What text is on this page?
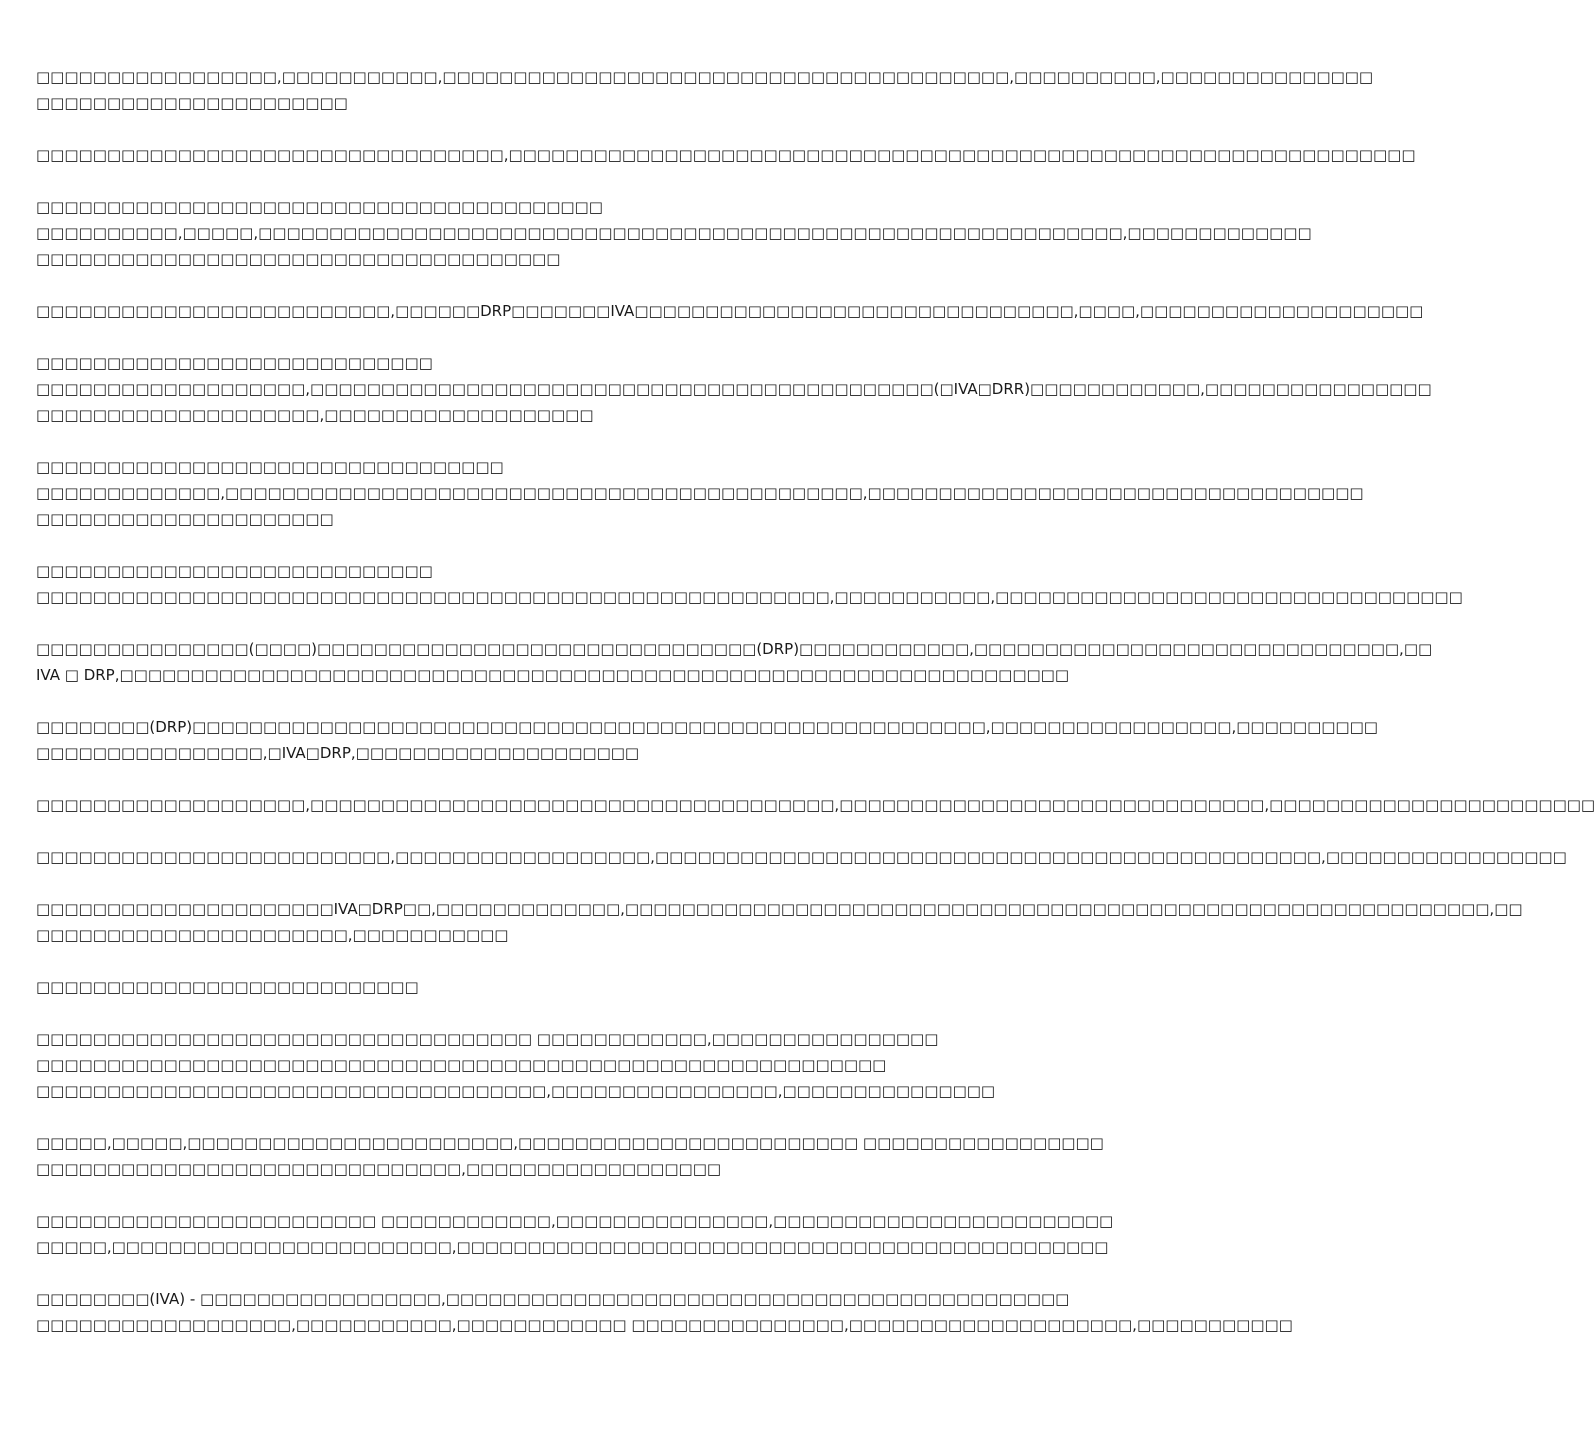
□□□□□□□□□□□□□□□□□,□□□□□□□□□□□,□□□□□□□□□□□□□□□□□□□□□□□□□□□□□□□□□□□□□□□□,□□□□□□□□□□,□□□□□□□□□□□□□□□
□□□□□□□□□□□□□□□□□□□□□□
□□□□□□□□□□□□□□□□□□□□□□□□□□□□□□□□□,□□□□□□□□□□□□□□□□□□□□□□□□□□□□□□□□□□□□□□□□□□□□□□□□□□□□□□□□□□□□□□□□
□□□□□□□□□□□□□□□□□□□□□□□□□□□□□□□□□□□□□□□□
□□□□□□□□□□,□□□□□,□□□□□□□□□□□□□□□□□□□□□□□□□□□□□□□□□□□□□□□□□□□□□□□□□□□□□□□□□□□□□,□□□□□□□□□□□□□
□□□□□□□□□□□□□□□□□□□□□□□□□□□□□□□□□□□□□
□□□□□□□□□□□□□□□□□□□□□□□□□,□□□□□□DRP□□□□□□□IVA□□□□□□□□□□□□□□□□□□□□□□□□□□□□□□□,□□□□,□□□□□□□□□□□□□□□□□□□□
□□□□□□□□□□□□□□□□□□□□□□□□□□□□
□□□□□□□□□□□□□□□□□□□,□□□□□□□□□□□□□□□□□□□□□□□□□□□□□□□□□□□□□□□□□□□□(□IVA□DRR)□□□□□□□□□□□□,□□□□□□□□□□□□□□□□
□□□□□□□□□□□□□□□□□□□□,□□□□□□□□□□□□□□□□□□□
□□□□□□□□□□□□□□□□□□□□□□□□□□□□□□□□□
□□□□□□□□□□□□□,□□□□□□□□□□□□□□□□□□□□□□□□□□□□□□□□□□□□□□□□□□□□□,□□□□□□□□□□□□□□□□□□□□□□□□□□□□□□□□□□□
□□□□□□□□□□□□□□□□□□□□□
□□□□□□□□□□□□□□□□□□□□□□□□□□□□
□□□□□□□□□□□□□□□□□□□□□□□□□□□□□□□□□□□□□□□□□□□□□□□□□□□□□□□□,□□□□□□□□□□□,□□□□□□□□□□□□□□□□□□□□□□□□□□□□□□□□□
□□□□□□□□□□□□□□□(□□□□)□□□□□□□□□□□□□□□□□□□□□□□□□□□□□□□(DRP)□□□□□□□□□□□□,□□□□□□□□□□□□□□□□□□□□□□□□□□□□□□,□□
IVA □ DRP,□□□□□□□□□□□□□□□□□□□□□□□□□□□□□□□□□□□□□□□□□□□□□□□□□□□□□□□□□□□□□□□□□□□
□□□□□□□□(DRP)□□□□□□□□□□□□□□□□□□□□□□□□□□□□□□□□□□□□□□□□□□□□□□□□□□□□□□□□,□□□□□□□□□□□□□□□□□,□□□□□□□□□□
□□□□□□□□□□□□□□□□,□IVA□DRP,□□□□□□□□□□□□□□□□□□□□
□□□□□□□□□□□□□□□□□□□,□□□□□□□□□□□□□□□□□□□□□□□□□□□□□□□□□□□□□,□□□□□□□□□□□□□□□□□□□□□□□□□□□□□□,□□□□□□□□□□□□□□□□□□□□□□□
□□□□□□□□□□□□□□□□□□□□□□□□□,□□□□□□□□□□□□□□□□□□,□□□□□□□□□□□□□□□□□□□□□□□□□□□□□□□□□□□□□□□□□□□□□□□,□□□□□□□□□□□□□□□□□
□□□□□□□□□□□□□□□□□□□□□IVA□DRP□□,□□□□□□□□□□□□□,□□□□□□□□□□□□□□□□□□□□□□□□□□□□□□□□□□□□□□□□□□□□□□□□□□□□□□□□□□□□□,□□
□□□□□□□□□□□□□□□□□□□□□□,□□□□□□□□□□□
□□□□□□□□□□□□□□□□□□□□□□□□□□□
□□□□□□□□□□□□□□□□□□□□□□□□□□□□□□□□□□□ □□□□□□□□□□□□,□□□□□□□□□□□□□□□□
□□□□□□□□□□□□□□□□□□□□□□□□□□□□□□□□□□□□□□□□□□□□□□□□□□□□□□□□□□□□
□□□□□□□□□□□□□□□□□□□□□□□□□□□□□□□□□□□□,□□□□□□□□□□□□□□□□,□□□□□□□□□□□□□□□
□□□□□,□□□□□,□□□□□□□□□□□□□□□□□□□□□□□,□□□□□□□□□□□□□□□□□□□□□□□□ □□□□□□□□□□□□□□□□□
□□□□□□□□□□□□□□□□□□□□□□□□□□□□□□,□□□□□□□□□□□□□□□□□□
□□□□□□□□□□□□□□□□□□□□□□□□ □□□□□□□□□□□□,□□□□□□□□□□□□□□□,□□□□□□□□□□□□□□□□□□□□□□□□
□□□□□,□□□□□□□□□□□□□□□□□□□□□□□□,□□□□□□□□□□□□□□□□□□□□□□□□□□□□□□□□□□□□□□□□□□□□□□
□□□□□□□□(IVA) - □□□□□□□□□□□□□□□□□,□□□□□□□□□□□□□□□□□□□□□□□□□□□□□□□□□□□□□□□□□□□□
□□□□□□□□□□□□□□□□□□,□□□□□□□□□□□,□□□□□□□□□□□□ □□□□□□□□□□□□□□□,□□□□□□□□□□□□□□□□□□□□,□□□□□□□□□□□
